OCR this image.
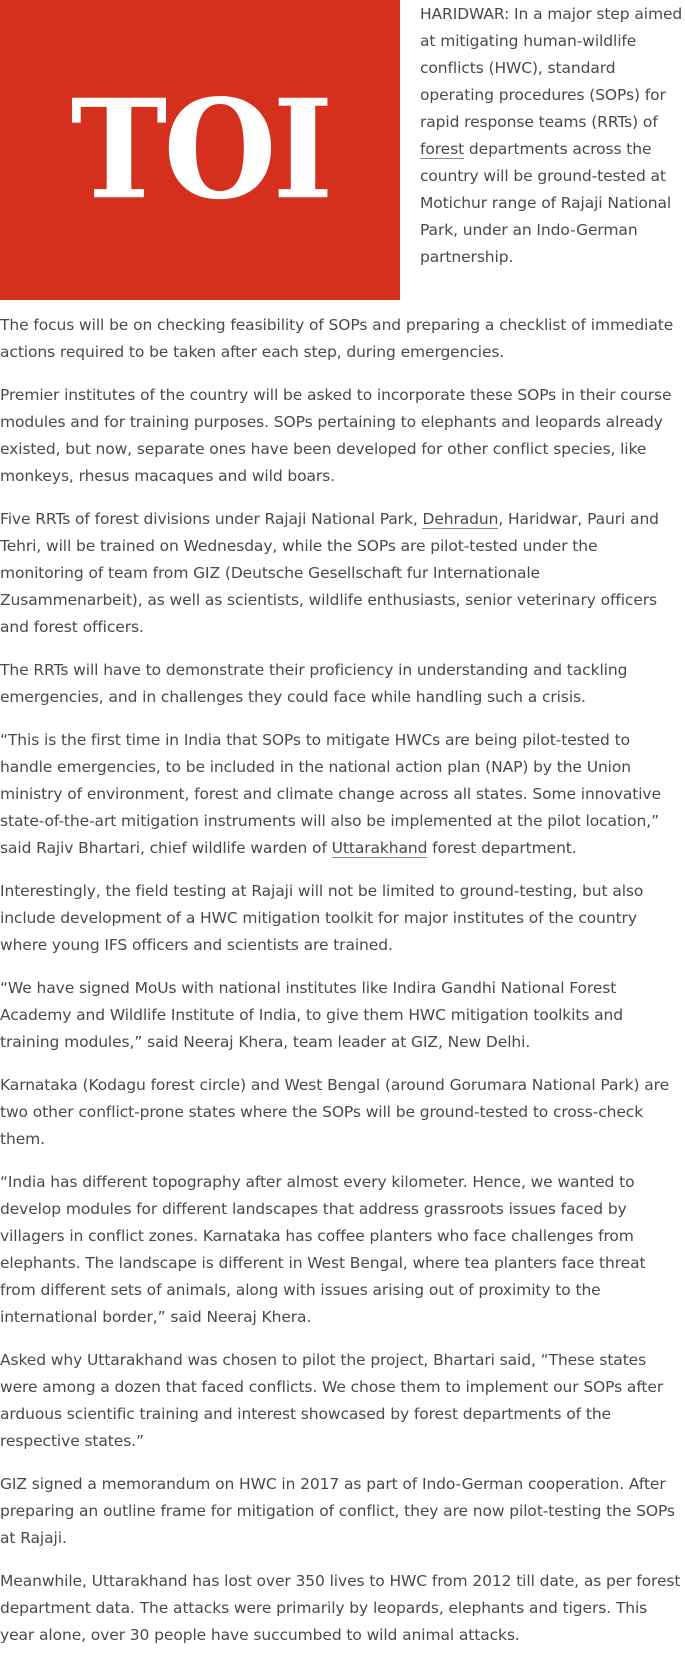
TOI

HARIDWAR: In a major step aimed at mitigating human-wildlife conflicts (HWC), standard operating procedures (SOPs) for rapid response teams (RRTs) of forest departments across the country will be ground-tested at Motichur range of Rajaji National Park, under an Indo-German partnership.

The focus will be on checking feasibility of SOPs and preparing a checklist of immediate actions required to be taken after each step, during emergencies.

Premier institutes of the country will be asked to incorporate these SOPs in their course modules and for training purposes. SOPs pertaining to elephants and leopards already existed, but now, separate ones have been developed for other conflict species, like monkeys, rhesus macaques and wild boars.

Five RRTs of forest divisions under Rajaji National Park, Dehradun, Haridwar, Pauri and Tehri, will be trained on Wednesday, while the SOPs are pilot-tested under the monitoring of team from GIZ (Deutsche Gesellschaft fur Internationale Zusammenarbeit), as well as scientists, wildlife enthusiasts, senior veterinary officers and forest officers.

The RRTs will have to demonstrate their proficiency in understanding and tackling emergencies, and in challenges they could face while handling such a crisis.

“This is the first time in India that SOPs to mitigate HWCs are being pilot-tested to handle emergencies, to be included in the national action plan (NAP) by the Union ministry of environment, forest and climate change across all states. Some innovative state-of-the-art mitigation instruments will also be implemented at the pilot location,” said Rajiv Bhartari, chief wildlife warden of Uttarakhand forest department.

Interestingly, the field testing at Rajaji will not be limited to ground-testing, but also include development of a HWC mitigation toolkit for major institutes of the country where young IFS officers and scientists are trained.

“We have signed MoUs with national institutes like Indira Gandhi National Forest Academy and Wildlife Institute of India, to give them HWC mitigation toolkits and training modules,” said Neeraj Khera, team leader at GIZ, New Delhi.

Karnataka (Kodagu forest circle) and West Bengal (around Gorumara National Park) are two other conflict-prone states where the SOPs will be ground-tested to cross-check them.

“India has different topography after almost every kilometer. Hence, we wanted to develop modules for different landscapes that address grassroots issues faced by villagers in conflict zones. Karnataka has coffee planters who face challenges from elephants. The landscape is different in West Bengal, where tea planters face threat from different sets of animals, along with issues arising out of proximity to the international border,” said Neeraj Khera.

Asked why Uttarakhand was chosen to pilot the project, Bhartari said, “These states were among a dozen that faced conflicts. We chose them to implement our SOPs after arduous scientific training and interest showcased by forest departments of the respective states.”

GIZ signed a memorandum on HWC in 2017 as part of Indo-German cooperation. After preparing an outline frame for mitigation of conflict, they are now pilot-testing the SOPs at Rajaji.

Meanwhile, Uttarakhand has lost over 350 lives to HWC from 2012 till date, as per forest department data. The attacks were primarily by leopards, elephants and tigers. This year alone, over 30 people have succumbed to wild animal attacks.
